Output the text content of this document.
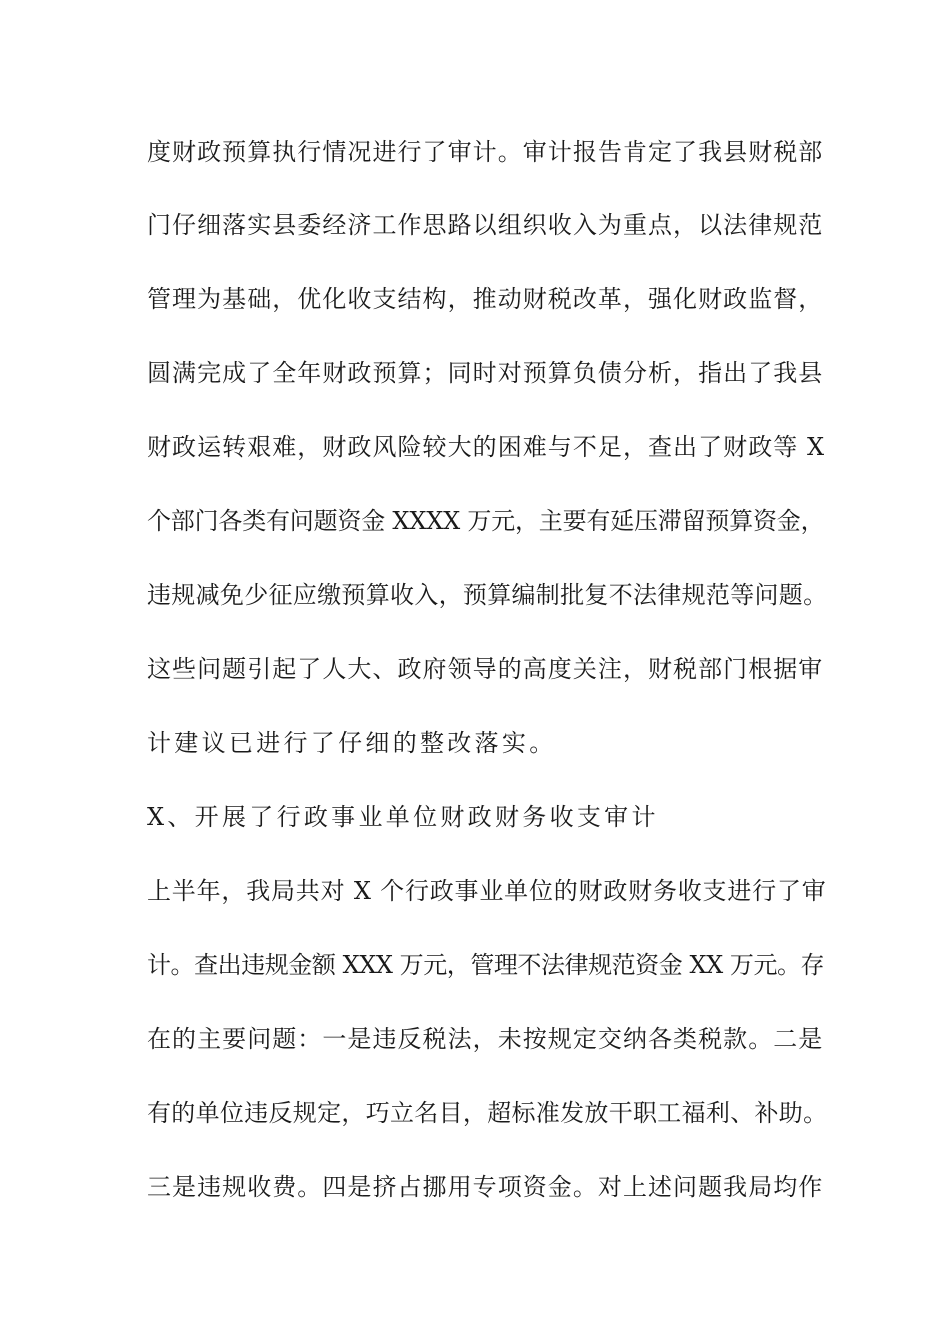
度财政预算执行情况进行了审计。审计报告肯定了我县财税部
门仔细落实县委经济工作思路以组织收入为重点，以法律规范
管理为基础，优化收支结构，推动财税改革，强化财政监督，
圆满完成了全年财政预算；同时对预算负债分析，指出了我县
财政运转艰难，财政风险较大的困难与不足，查出了财政等 X
个部门各类有问题资金 XXXX 万元，主要有延压滞留预算资金，
违规减免少征应缴预算收入，预算编制批复不法律规范等问题。
这些问题引起了人大、政府领导的高度关注，财税部门根据审
计建议已进行了仔细的整改落实。
X、开展了行政事业单位财政财务收支审计
上半年，我局共对 X 个行政事业单位的财政财务收支进行了审
计。查出违规金额 XXX 万元，管理不法律规范资金 XX 万元。存
在的主要问题：一是违反税法，未按规定交纳各类税款。二是
有的单位违反规定，巧立名目，超标准发放干职工福利、补助。
三是违规收费。四是挤占挪用专项资金。对上述问题我局均作
